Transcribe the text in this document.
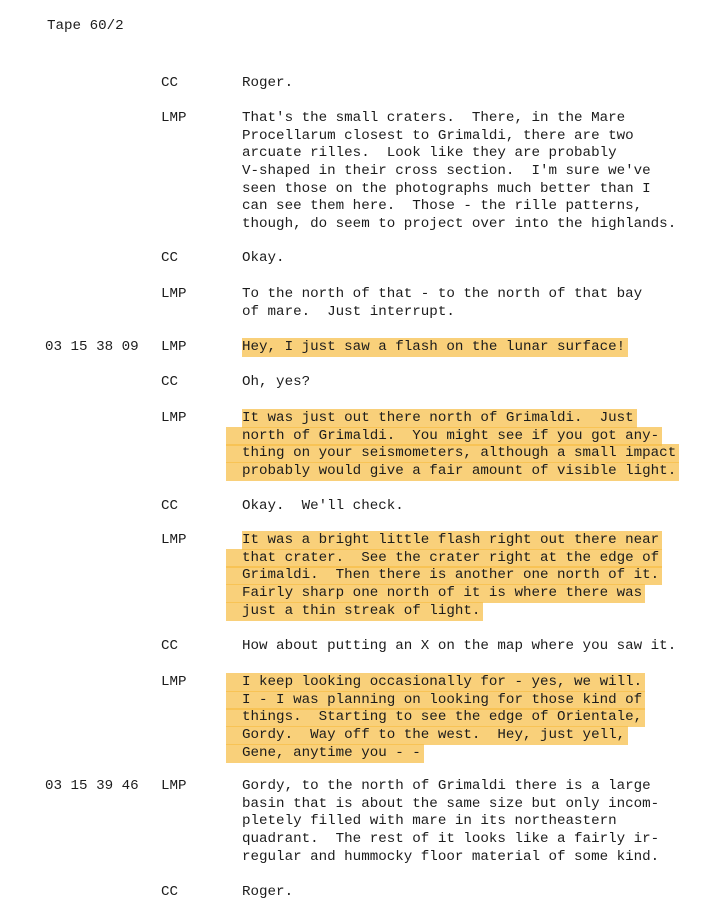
Tape 60/2
CC	Roger.
LMP	That's the small craters.  There, in the Mare
Procellarum closest to Grimaldi, there are two
arcuate rilles.  Look like they are probably
V-shaped in their cross section.  I'm sure we've
seen those on the photographs much better than I
can see them here.  Those - the rille patterns,
though, do seem to project over into the highlands.
CC	Okay.
LMP	To the north of that - to the north of that bay
of mare.  Just interrupt.
03 15 38 09 LMP	Hey, I just saw a flash on the lunar surface!
CC	Oh, yes?
LMP	It was just out there north of Grimaldi.  Just
north of Grimaldi.  You might see if you got any-
thing on your seismometers, although a small impact
probably would give a fair amount of visible light.
CC	Okay.  We'll check.
LMP	It was a bright little flash right out there near
that crater.  See the crater right at the edge of
Grimaldi.  Then there is another one north of it.
Fairly sharp one north of it is where there was
just a thin streak of light.
CC	How about putting an X on the map where you saw it.
LMP	I keep looking occasionally for - yes, we will.
I - I was planning on looking for those kind of
things.  Starting to see the edge of Orientale,
Gordy.  Way off to the west.  Hey, just yell,
Gene, anytime you - -
03 15 39 46 LMP	Gordy, to the north of Grimaldi there is a large
basin that is about the same size but only incom-
pletely filled with mare in its northeastern
quadrant.  The rest of it looks like a fairly ir-
regular and hummocky floor material of some kind.
CC	Roger.
